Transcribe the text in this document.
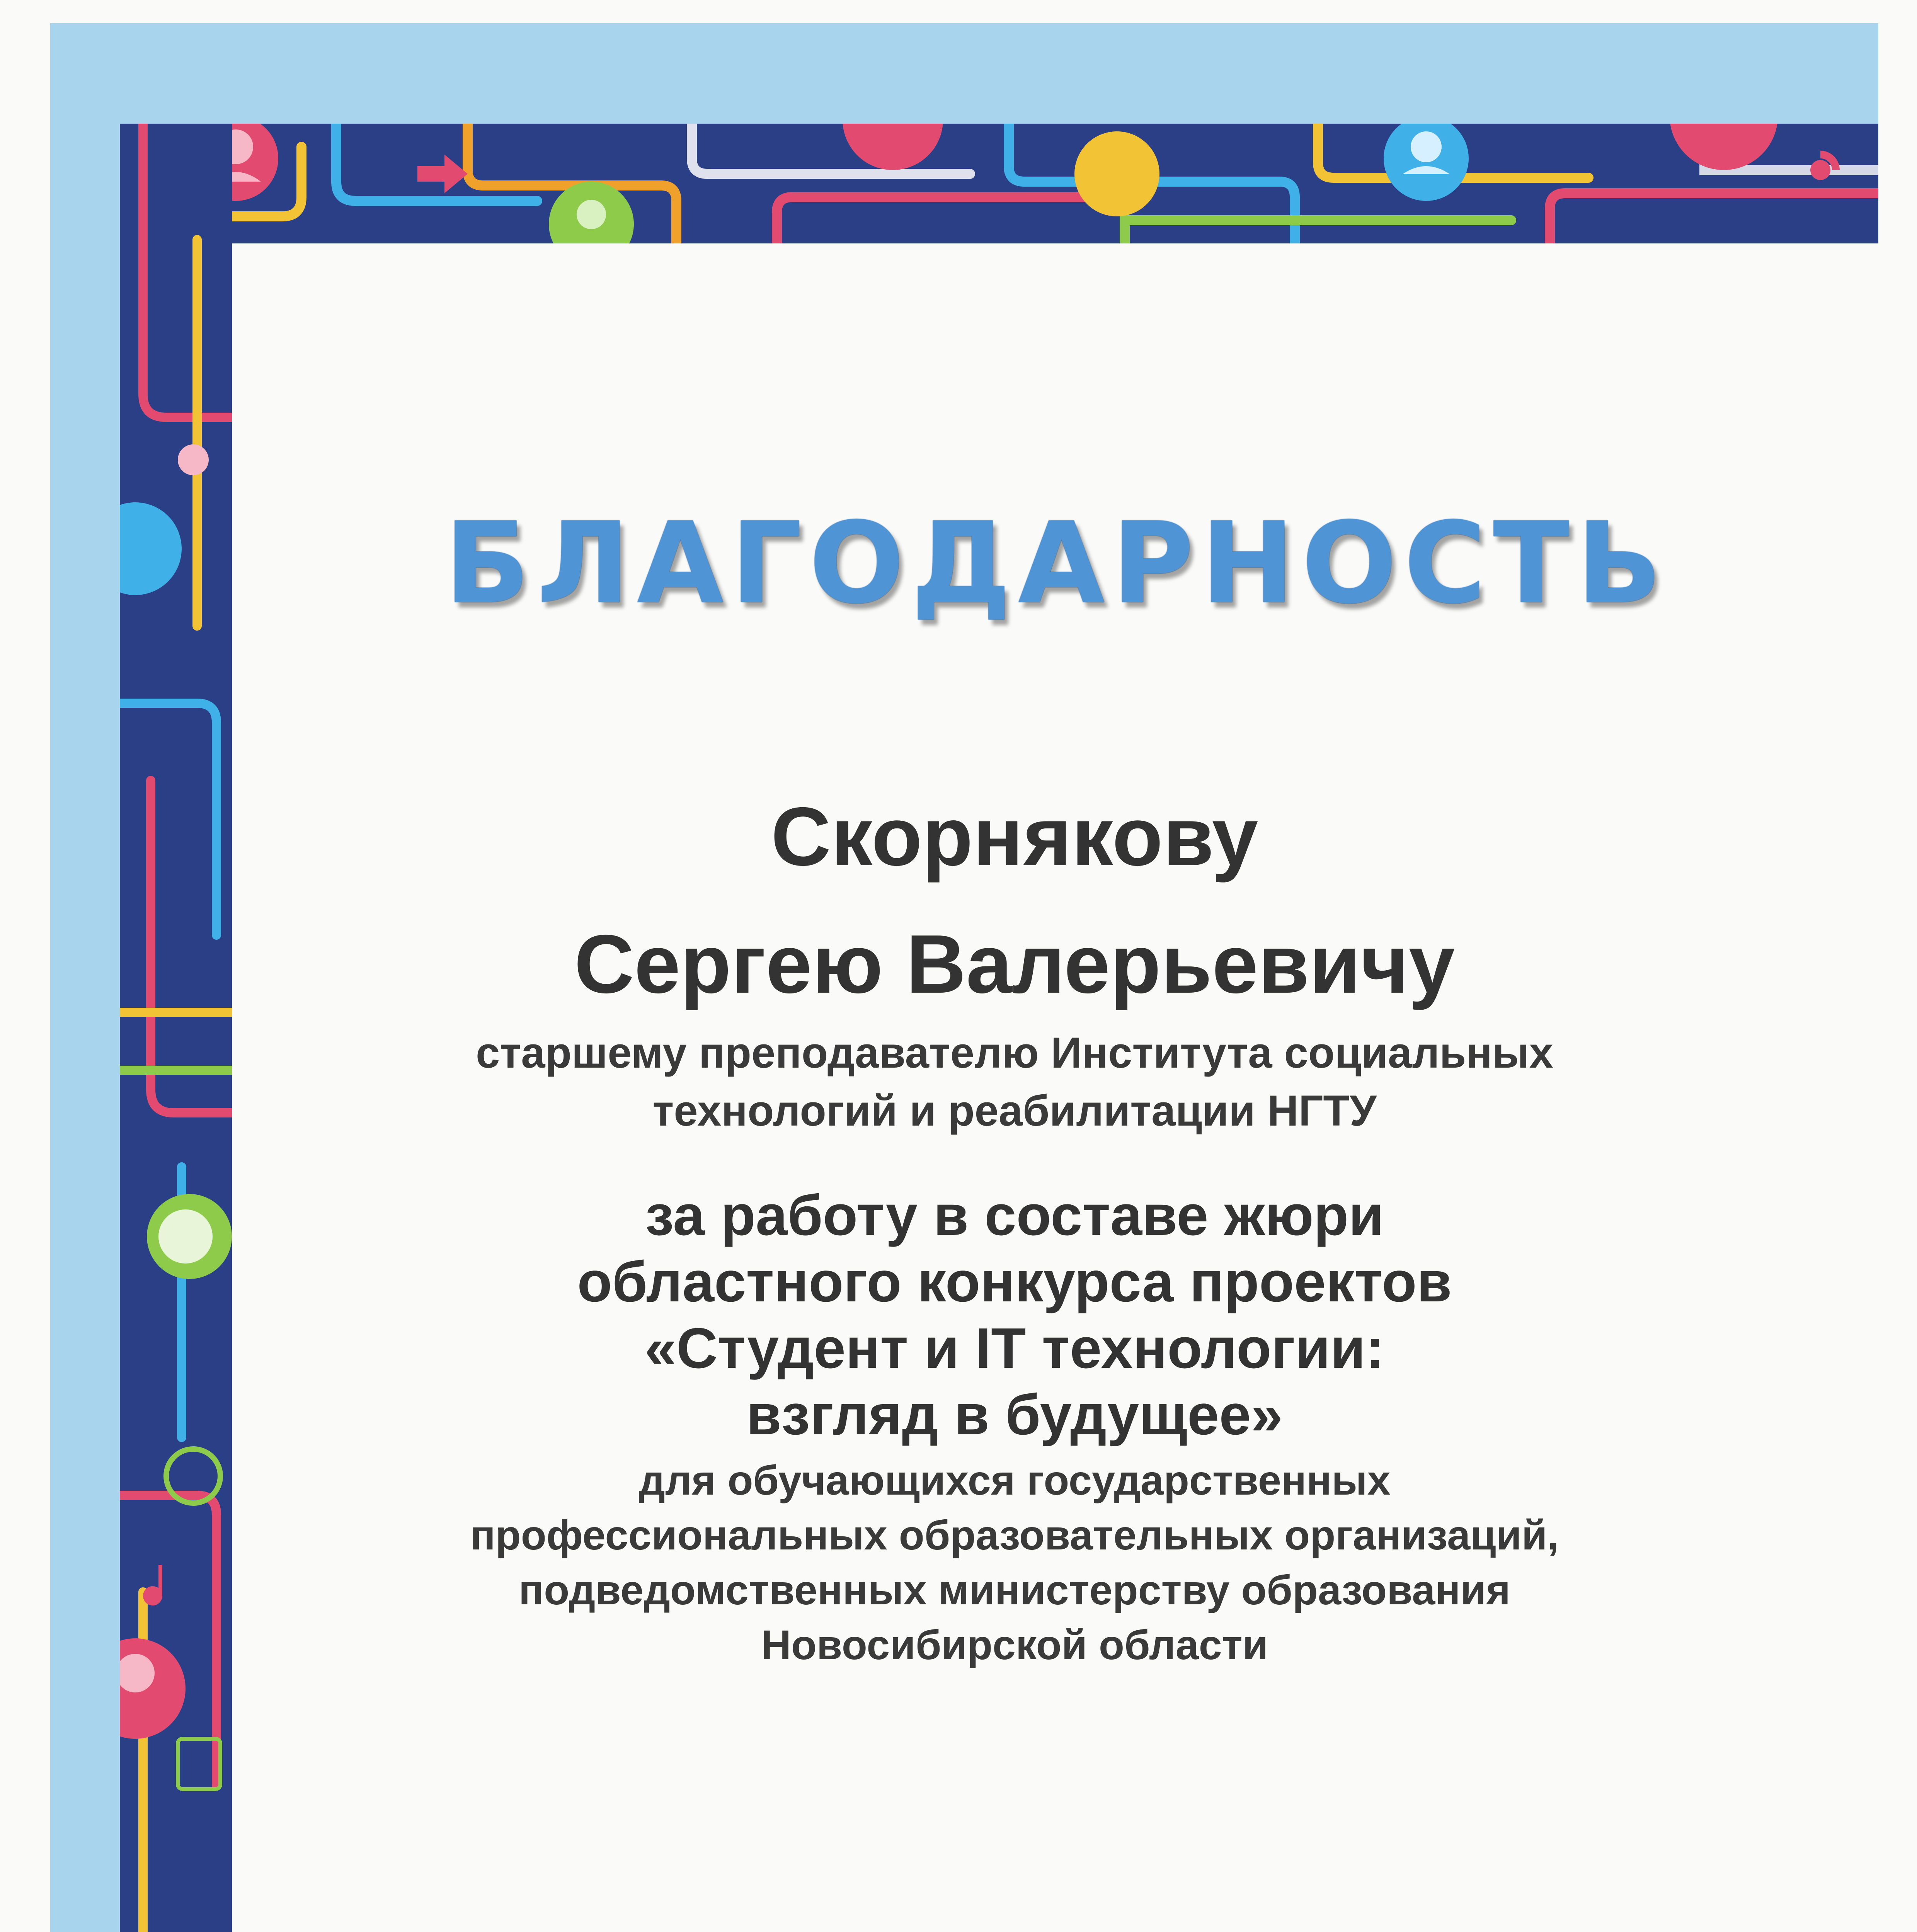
БЛАГОДАРНОСТЬ
Скорнякову
Сергею Валерьевичу
старшему преподавателю Института социальных
технологий и реабилитации НГТУ
за работу в составе жюри
областного конкурса проектов
«Студент и IT технологии:
взгляд в будущее»
для обучающихся государственных
профессиональных образовательных организаций,
подведомственных министерству образования
Новосибирской области
